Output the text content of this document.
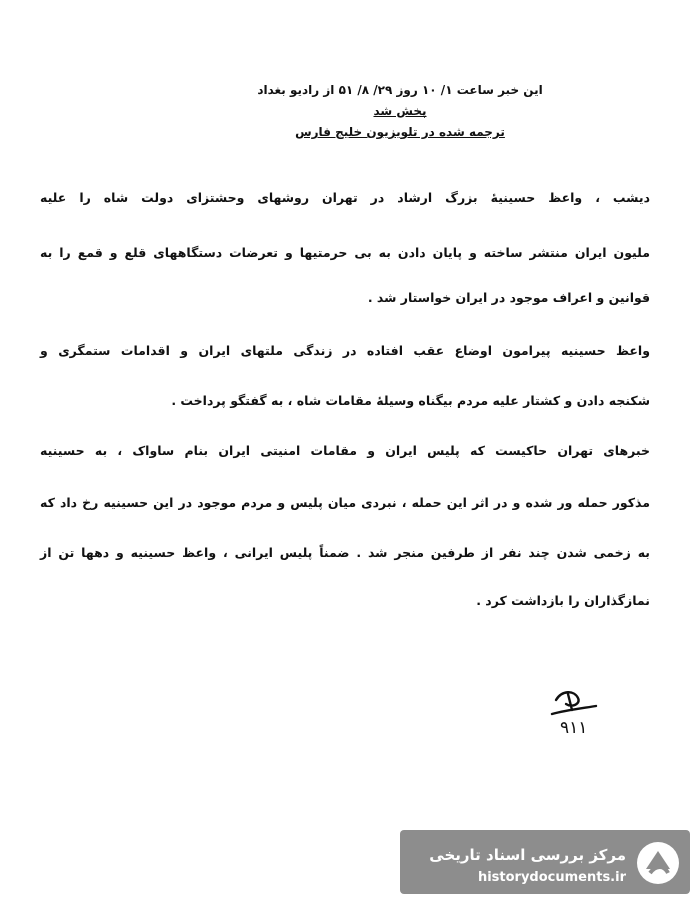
این خبر ساعت ۱/ ۱۰ روز ۲۹/ ۸/ ۵۱ از رادیو بغداد
پخش شد
ترجمه شده در تلویزیون خلیج فارس
دیشب ، واعظ حسینیهٔ بزرگ ارشاد در تهران روشهای وحشتزای دولت شاه را علیه
ملیون ایران منتشر ساخته و پایان دادن به بی حرمتیها و تعرضات دستگاههای قلع و قمع را به
قوانین و اعراف موجود در ایران خواستار شد .
واعظ حسینیه پیرامون اوضاع عقب افتاده در زندگی ملتهای ایران و اقدامات ستمگری و
شکنجه دادن و کشتار علیه مردم بیگناه وسیلهٔ مقامات شاه ، به گفتگو پرداخت .
خبرهای تهران حاکیست که پلیس ایران و مقامات امنیتی ایران بنام ساواک ، به حسینیه
مذکور حمله ور شده و در اثر این حمله ، نبردی میان پلیس و مردم موجود در این حسینیه رخ داد که
به زخمی شدن چند نفر از طرفین منجر شد . ضمناً پلیس ایرانی ، واعظ حسینیه و دهها تن از
نمازگذاران را بازداشت کرد .
۹۱۱
مرکز بررسی اسناد تاریخی
historydocuments.ir
